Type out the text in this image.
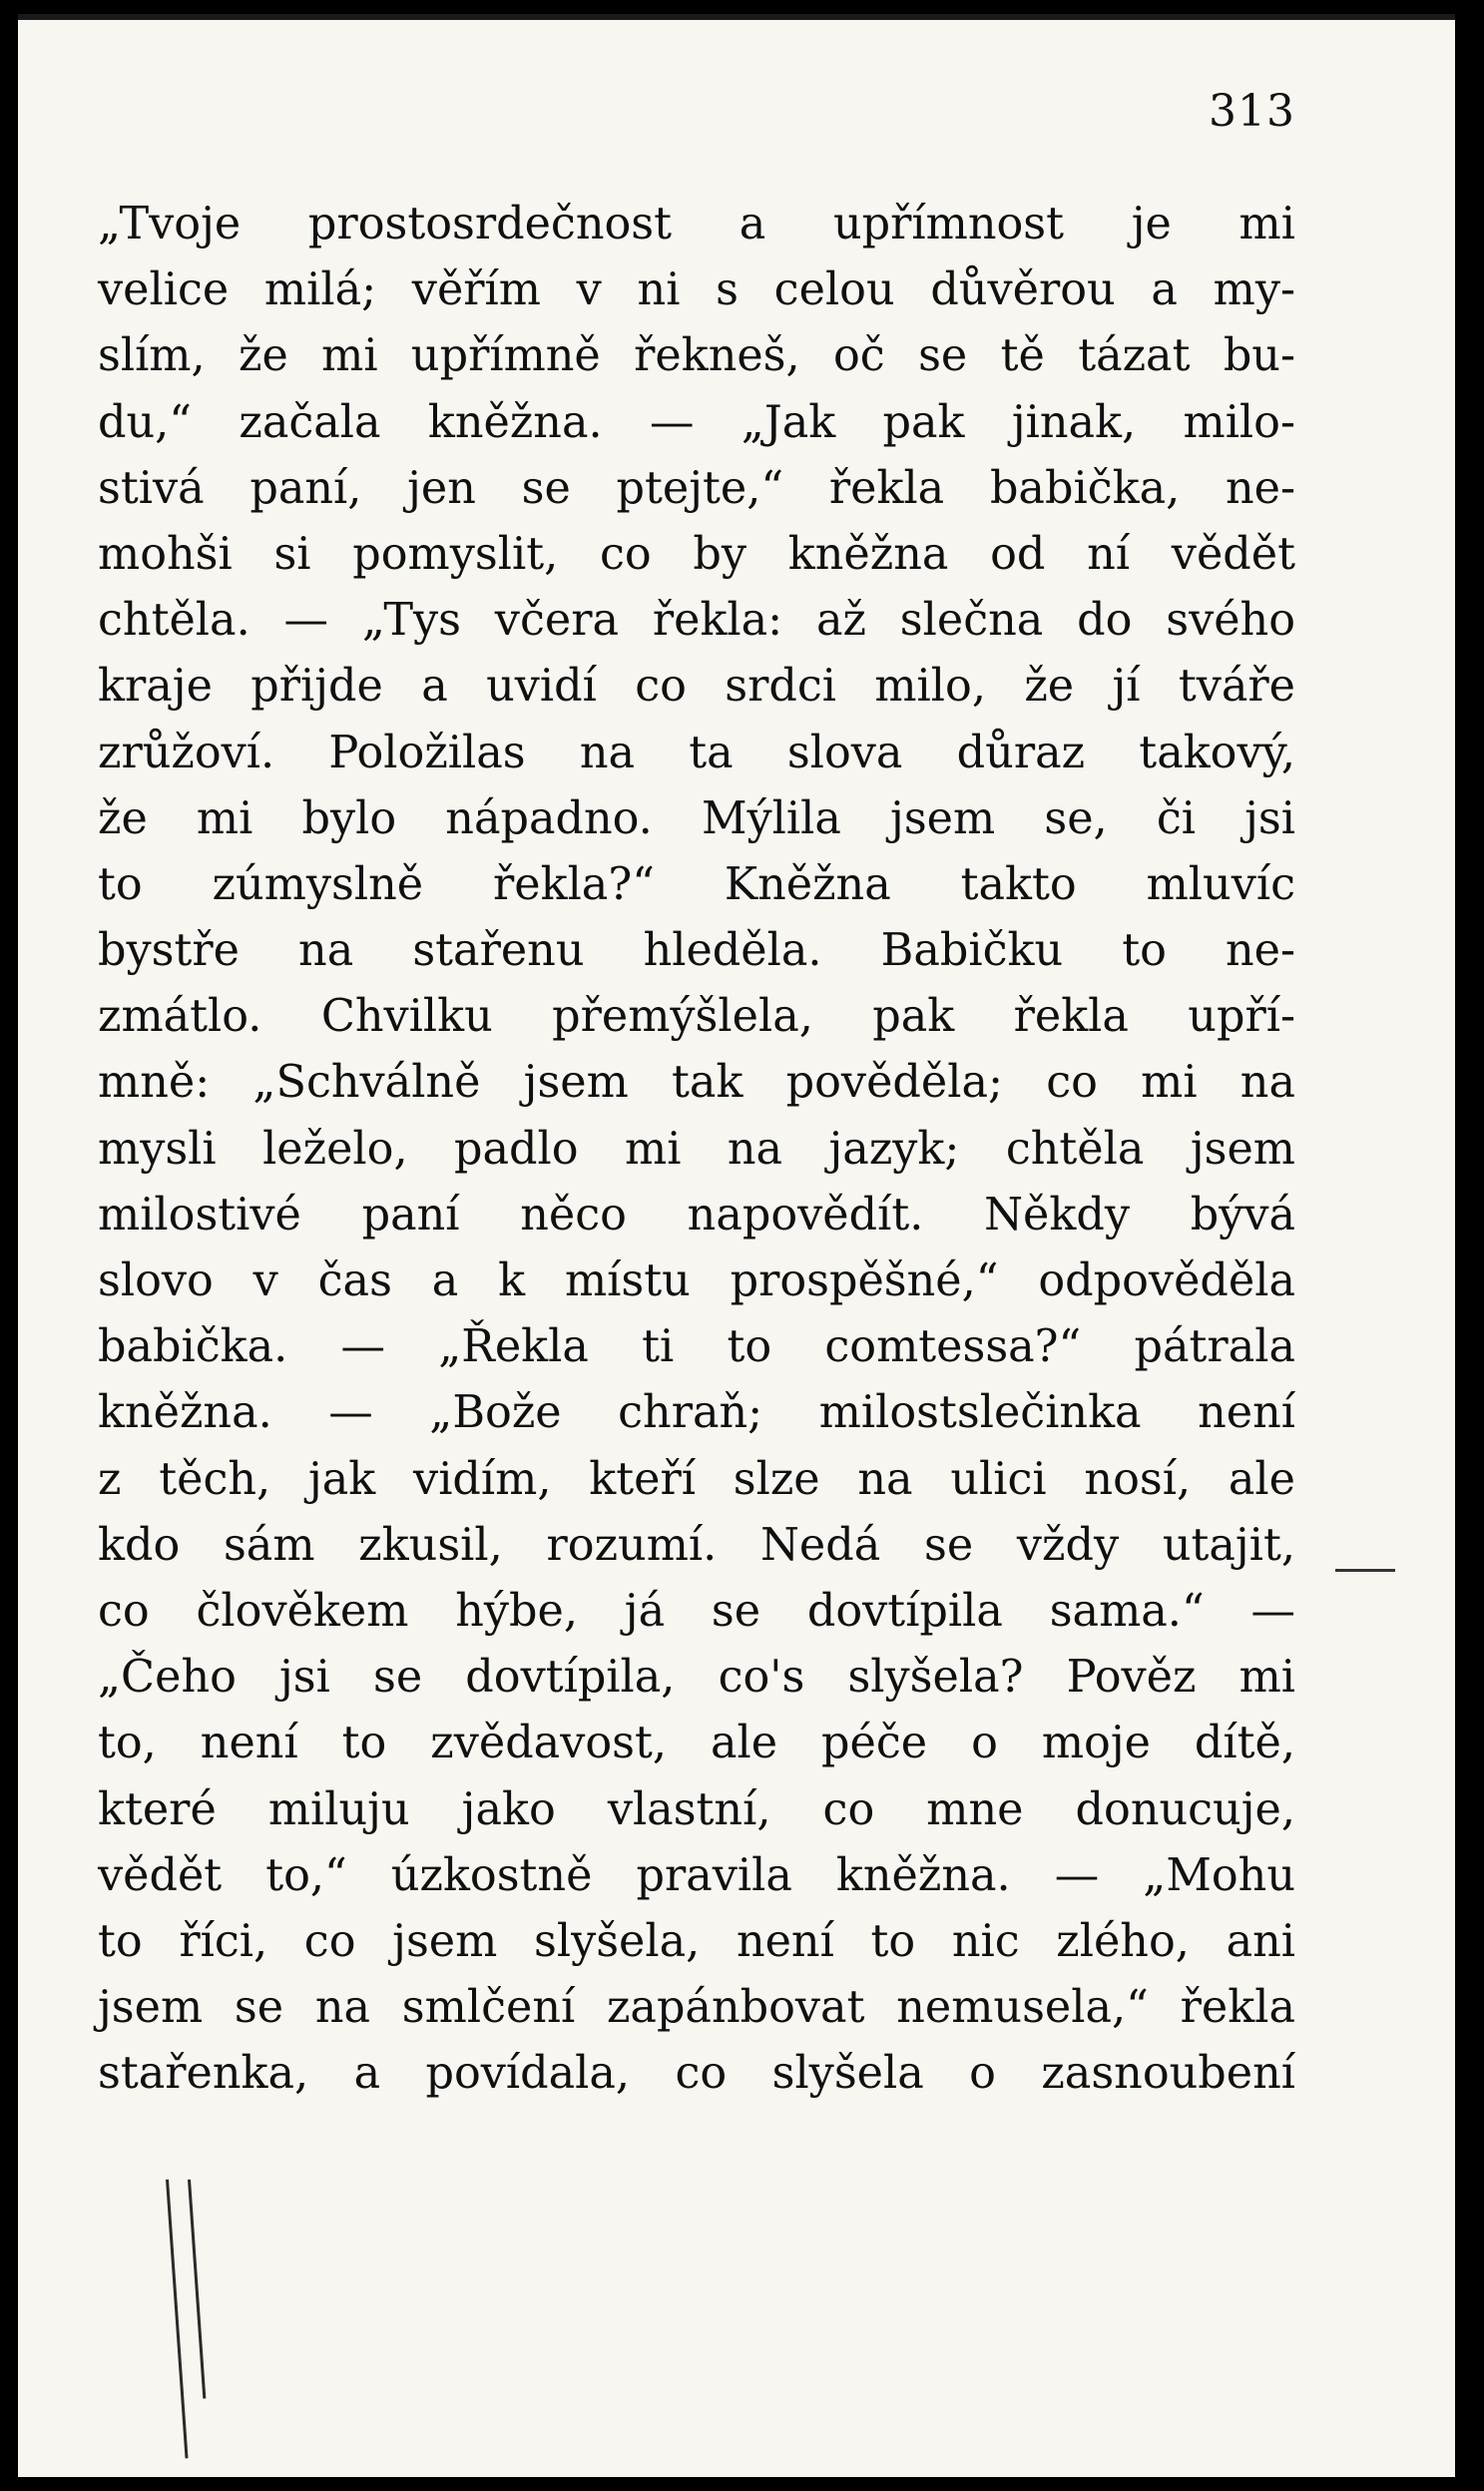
313
„Tvoje prostosrdečnost a upřímnost je mi
velice milá; věřím v ni s celou důvěrou a my-
slím, že mi upřímně řekneš, oč se tě tázat bu-
du,“ začala kněžna. — „Jak pak jinak, milo-
stivá paní, jen se ptejte,“ řekla babička, ne-
mohši si pomyslit, co by kněžna od ní vědět
chtěla. — „Tys včera řekla: až slečna do svého
kraje přijde a uvidí co srdci milo, že jí tváře
zrůžoví. Položilas na ta slova důraz takový,
že mi bylo nápadno. Mýlila jsem se, či jsi
to zúmyslně řekla?“ Kněžna takto mluvíc
bystře na stařenu hleděla. Babičku to ne-
zmátlo. Chvilku přemýšlela, pak řekla upří-
mně: „Schválně jsem tak pověděla; co mi na
mysli leželo, padlo mi na jazyk; chtěla jsem
milostivé paní něco napovědít. Někdy bývá
slovo v čas a k místu prospěšné,“ odpověděla
babička. — „Řekla ti to comtessa?“ pátrala
kněžna. — „Bože chraň; milostslečinka není
z těch, jak vidím, kteří slze na ulici nosí, ale
kdo sám zkusil, rozumí. Nedá se vždy utajit,
co člověkem hýbe, já se dovtípila sama.“ —
„Čeho jsi se dovtípila, co's slyšela? Pověz mi
to, není to zvědavost, ale péče o moje dítě,
které miluju jako vlastní, co mne donucuje,
vědět to,“ úzkostně pravila kněžna. — „Mohu
to říci, co jsem slyšela, není to nic zlého, ani
jsem se na smlčení zapánbovat nemusela,“ řekla
stařenka, a povídala, co slyšela o zasnoubení
